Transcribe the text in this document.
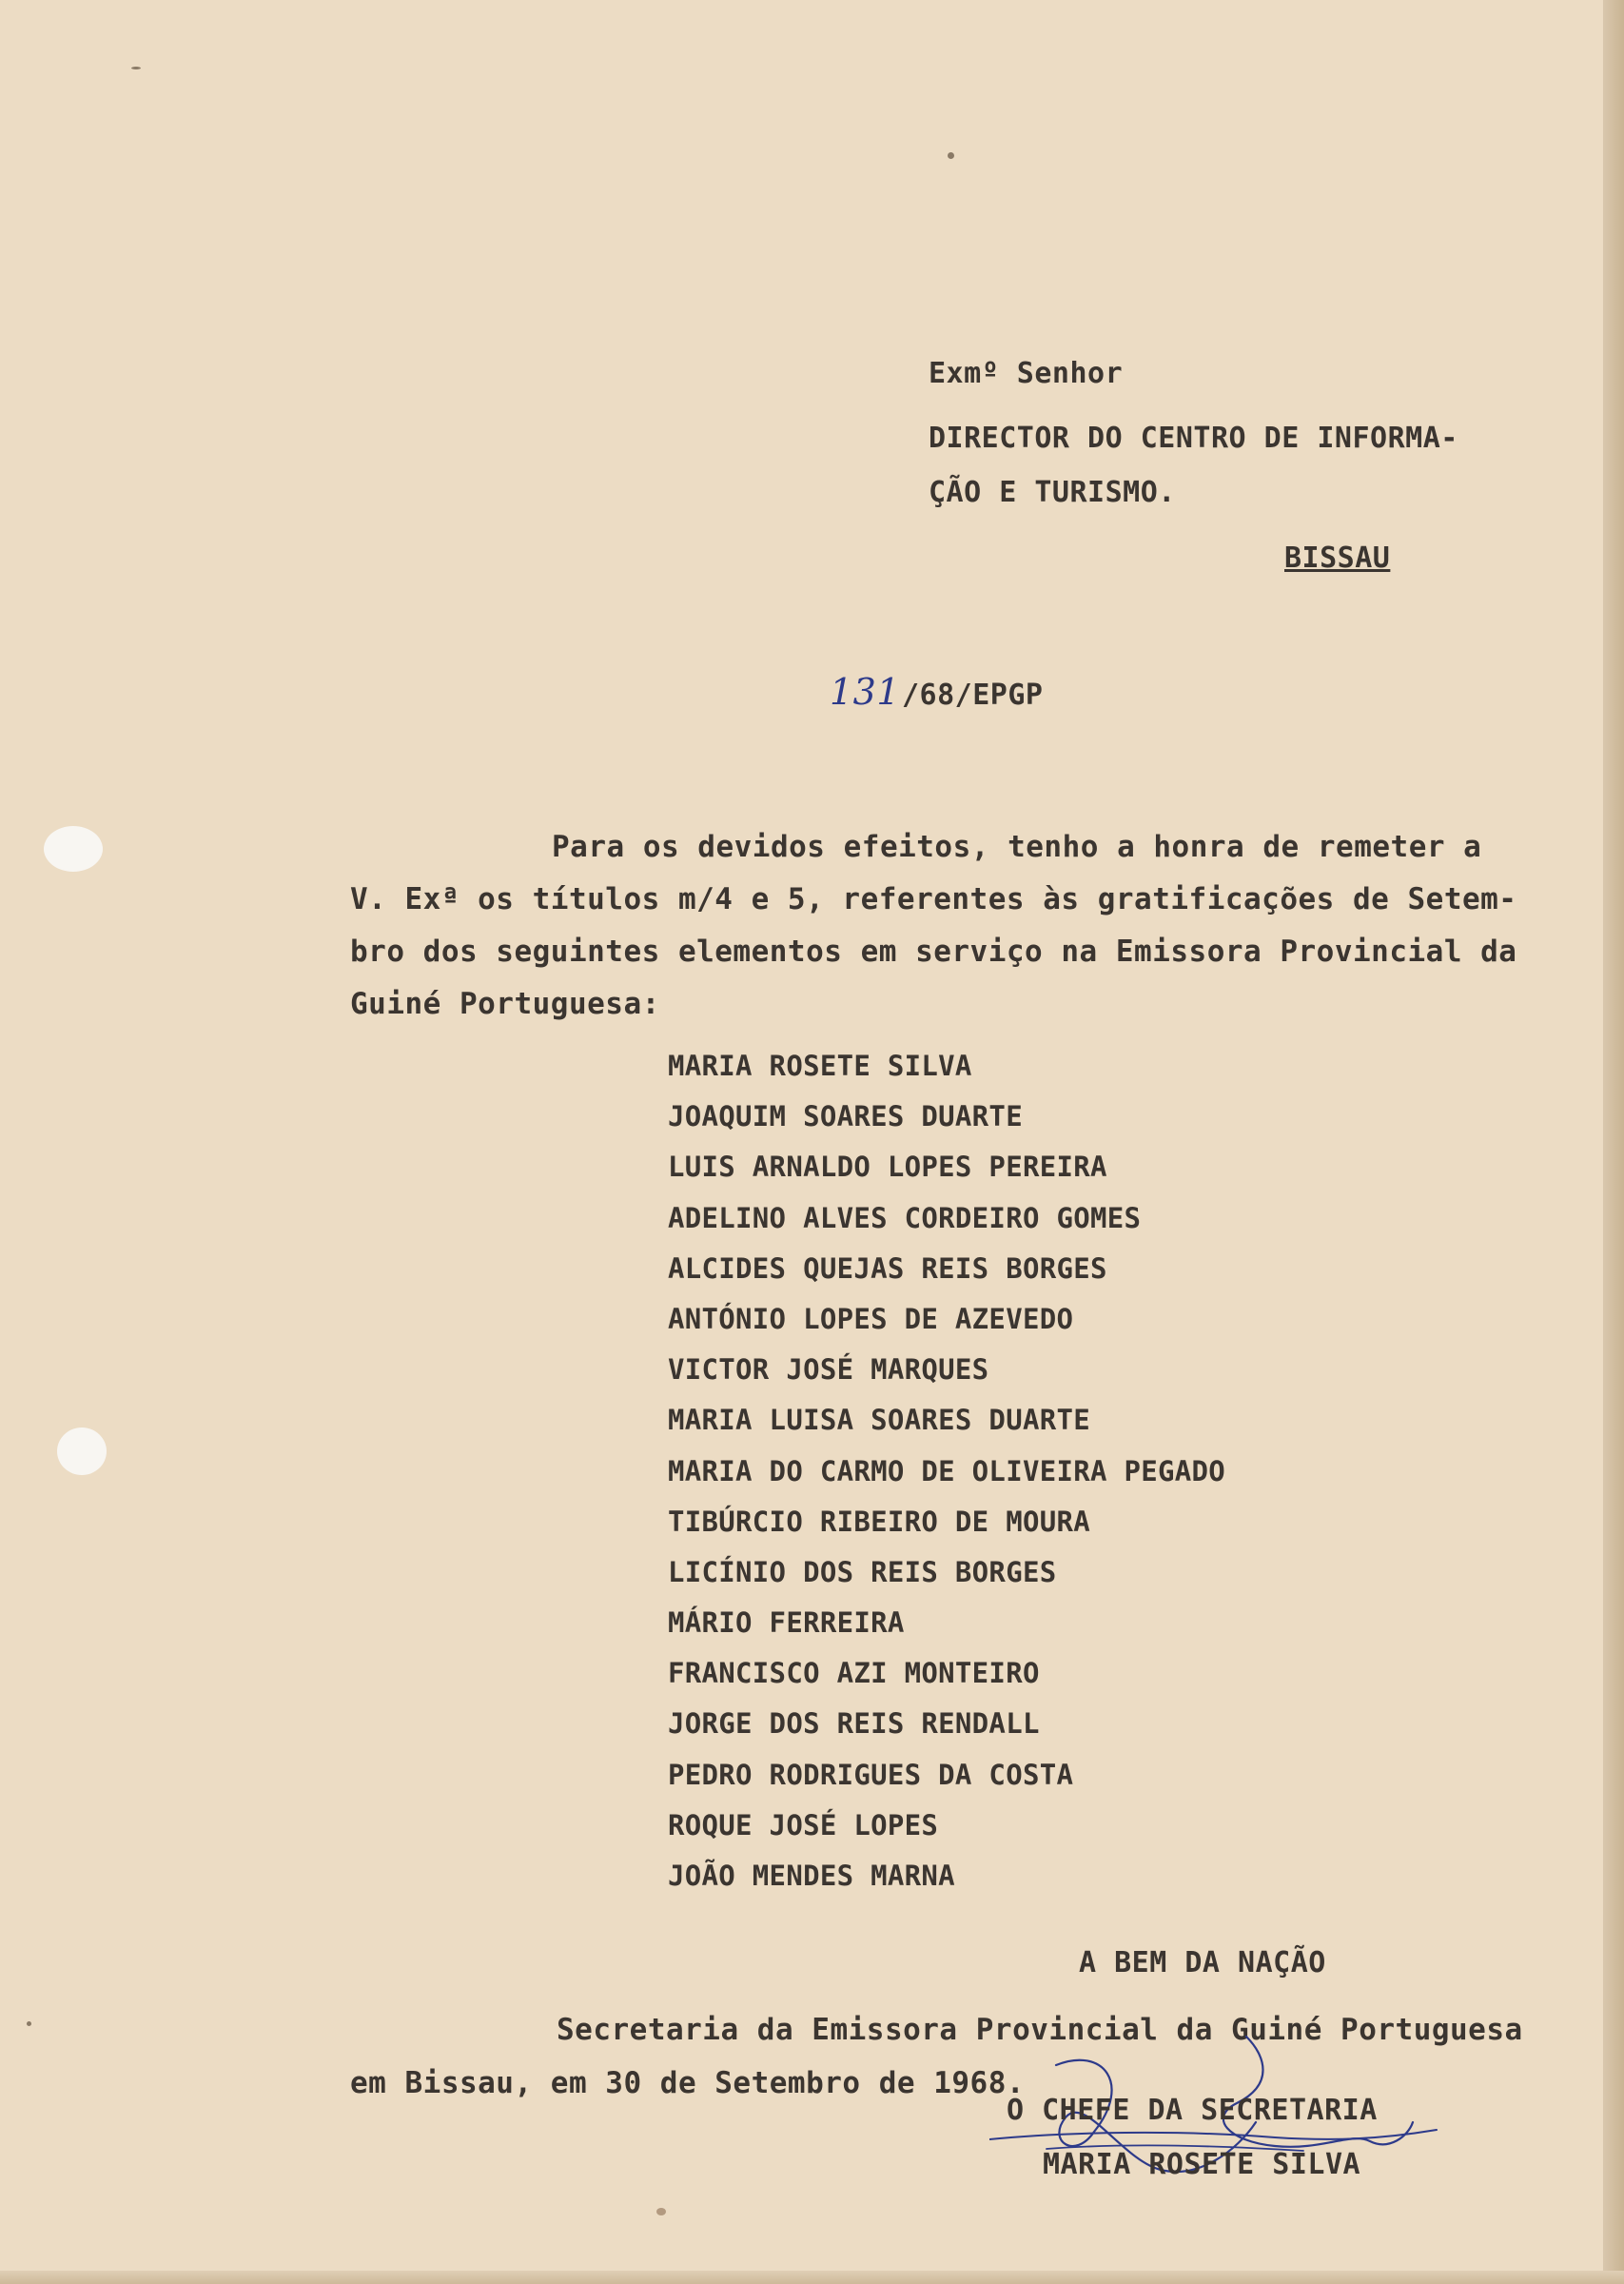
Exmº Senhor
DIRECTOR DO CENTRO DE INFORMA-
ÇÃO E TURISMO.
BISSAU
131 /68/EPGP
Para os devidos efeitos, tenho a honra de remeter a
V. Exª os títulos m/4 e 5, referentes às gratificações de Setem-
bro dos seguintes elementos em serviço na Emissora Provincial da
Guiné Portuguesa:
MARIA ROSETE SILVA
JOAQUIM SOARES DUARTE
LUIS ARNALDO LOPES PEREIRA
ADELINO ALVES CORDEIRO GOMES
ALCIDES QUEJAS REIS BORGES
ANTÓNIO LOPES DE AZEVEDO
VICTOR JOSÉ MARQUES
MARIA LUISA SOARES DUARTE
MARIA DO CARMO DE OLIVEIRA PEGADO
TIBÚRCIO RIBEIRO DE MOURA
LICÍNIO DOS REIS BORGES
MÁRIO FERREIRA
FRANCISCO AZI MONTEIRO
JORGE DOS REIS RENDALL
PEDRO RODRIGUES DA COSTA
ROQUE JOSÉ LOPES
JOÃO MENDES MARNA
A BEM DA NAÇÃO
Secretaria da Emissora Provincial da Guiné Portuguesa
em Bissau, em 30 de Setembro de 1968.
O CHEFE DA SECRETARIA
MARIA ROSETE SILVA
